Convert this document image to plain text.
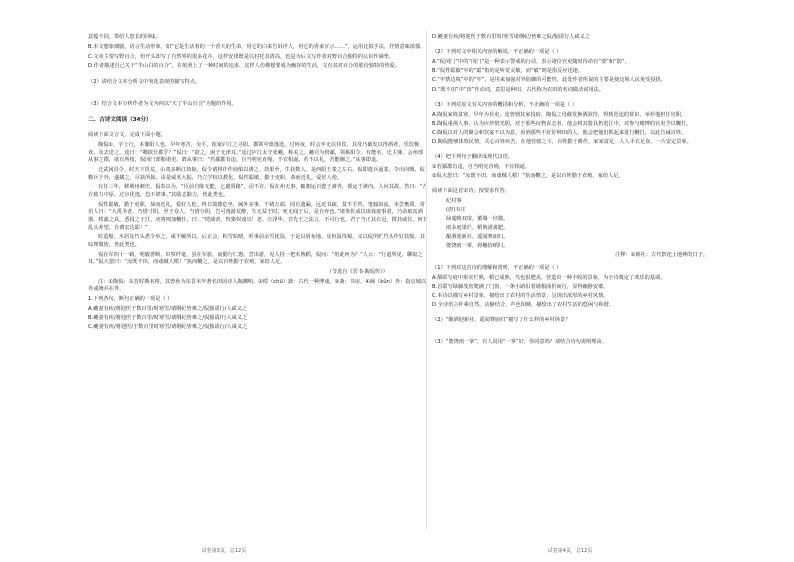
意蕴不同，带给人悠长的回味。

B.本文想象细腻，语言生动形象，如“它是生活着的一个香天的生命，用它的白来告诉世人，用它的香来宣示……”，运用比拟手法，抒情意味浓郁。

C.文章主要写野百合，但开头却写了自然界的很多花卉，这样安排既是以衬托其清高，也是为后文写作者对野百合独特的认识作铺垫。

D.作者描述自己关于“半山白的百合”，在依照上了一种时间的追求，这样人仿佛想要成为幽谷的生活，文有其对百合的那份独特的热爱。

（2）请结合文本分析文中突花表现的描写特点。

（3）结合文本分析作者为文为何以“天了半山百合”为题的作用。

二、古诗文阅读（34分）

阅读下面文言文，完成下面小题。

陶侃①，字士行，本豫阳人也。早年寒苦，吴平，徙家庐江之寻阳。郡领中禀落选，过何夜，时会卒无以待宾，其母乃截发以得酒肴，乐饮极欢，及去送之。逵曰：“卿欲仕郡乎？”侃曰：“欲之，困于无津耳。”逵过庐江太守张夔，称美之。夔召为督邮，领枞阳令。有能名，迁主簿。会州部从事之郡，欲有所按，侃闭门部勒诸吏，谓从事曰：“若鄙郡有违，自当明宪直绳，不宜相逼。若不以礼，吾能御之。”从事即退。

迁武冈县令。时天下饥荒，山夷多断江劫掠，侃令诸将诈作商船以诱之。劫果至，生获数人，是西阳王羕之左右。侃即遣兵逼羕，令出向贼，侃勒兵于外，遂擒之，尽获所掠。由是威名大振，乃立学校以教化。侃性聪敏，勤于吏职，恭而近礼，爱好人伦。

在任三年，移荆州刺史。侃奏以为，“臣前自陈无能，乞避贤路”，诏不许。侃在州无事，辄朝运百甓于斋外，暮运于斋内。人问其故，答曰：“吾方致力中原，过尔优逸，恐不堪事。”其励志勤力，皆此类也。

侃性聪敏，勤于吏职，恭而近礼，爱好人伦。终日敛膝危坐，阃外多事，千绪万端，罔有遗漏。远近书疏，莫不手答，笔翰如流，未尝壅滞。常语人曰：“大禹圣者，乃惜寸阴，至于众人，当惜分阴，岂可逸游荒醉，生无益于时，死无闻于后，是自弃也。”诸参佐或以谈戏废事者，乃命取其酒器、樗蒲之具，悉投之于江，吏将则加鞭扑，曰：“樗蒲者，牧猪奴戏耳！老、庄浮华，非先王之法言，不可行也。君子当正其衣冠，摄其威仪，何有乱头养望，自谓宏达耶！”

时造船，木屑及竹头悉令举之，咸不解所以。后正会，积雪始晴，听事前余雪犹湿，于是以屑布地。及桓温伐蜀，又以侃所贮竹头作钉装船。其综理微密，皆此类也。

侃在军四十一载，明毅善断，识察纤毫，虽在军旅，而勤行仁惠。尝出游，见人持一把未熟稻，侃问：“用此何为？”人云：“行道所见，聊取之耳。”侃大怒曰：“汝既不田，而戏贼人稻！”执而鞭之。是以百姓勤于农殖，家给人足。

（节选自《晋书·陶侃传》）

注：①陶侃：东晋时期名将，其曾孙为东晋末年著名田园诗人陶渊明。②樗（chū）蒲：古代一种博戏。③斋：书房。④阃（kǔn）外：指京城以外或统兵在外。

1.下列各句，断句正确的一项是（ ）

A.夔妻有疾/将迎医于数百里/时寒雪/诸纲纪皆难之/侃独请行/人咸义之

B.夔妻有疾/将迎医于数百里/时寒雪/诸纲纪皆难之/侃独请/行人咸义之

C.夔妻有疾/将迎医/于数百里时寒雪/诸纲纪皆难之/侃独请行/人咸义之

D.夔妻有疾/将迎医于数百里时/寒雪诸纲纪/皆难之侃/独请行人咸义之

（2）下列对文中相关内容的解说，不正确的一项是（ ）

A.“侃闭门”中的“闭门”是一种表示警戒的行动，表示诸位官吏随时待命有“要”和“防”。

B.“侃性聪敏”中的“聪”指的是听觉灵敏，而“敏”则是指反应迅速。

C.“牢禁边境”中的“牢”，是用来加强对外防御的可能性，此处作者所说的主要是使边境人民免受侵扰。

D.“既不田”中“田”作动词，意思是种田，古代称为农田的名词做动词用法。

（3）下列对原文有关内容的概括和分析，不正确的一项是（ ）

A.陶侃家境贫寒，早年为县吏，逵曾到其家投宿，陶侃之母截发换酒款待，得到范逵的赏识，举荐他担任官职。

B.陶侃重视人事，认为应珍惜光阴，对于那些玩物丧志者，他会将其器具扔进江中，对参与赌博的官吏予以鞭打。

C.陶侃以对人的聚会和饮宴不以为意，看到那些不好好种田的人，他会把他们抓起来进行鞭打，以此告诫百姓。

D.陶侃能够体察民情，关心百姓疾苦，在他管辖之下，百姓勤于耕作，家家富足，人人丰衣足食，一片安定景象。

（4）把下列句子翻译成现代汉语。

①若鄙郡有违，自当明宪直绳，不宜相逼。

②侃大怒曰：“汝既不田，而戏贼人稻！”执而鞭之，是以百姓勤于农殖，家给人足。

阅读下面这首宋诗，按要求作答。

纪村事

(唐)韦庄

绿蔓映双扉，循墙一径微。

雨多庭果烂，稻熟渚禽肥。

酿酒迎新社，遥闻赛庙归。

婆饶雨一掌，将穗拾稻归。

注释：①新社：古代祭祀土地神的日子。

（1）下列对这首诗的理解和赏析，不正确的一项是（ ）

A.颔联写庭中果实烂熟，稻已成熟，鸟也很肥美，营造出一种丰收的景象，为全诗奠定了欢乐的基调。

B.首联写绿藤茂密爬满了门窗，一条小路沿着墙根曲折而行，显得幽静安谧。

C.本诗以描写乡村景象，描绘出了农村的生活情景，呈现出浓厚的乡村风情。

D.全诗语言朴素自然，动静结合，声色相映，描绘出了农村生活的悠闲与和谐。

（2）“酿酒迎新社，遥闻赛庙归”描写了什么样的乡村场景？

（3）“婆饶雨一掌”，有人说用“一掌”好，你同意吗？请结合诗句说明理由。

试卷第3页，总12页	试卷第4页，总12页
